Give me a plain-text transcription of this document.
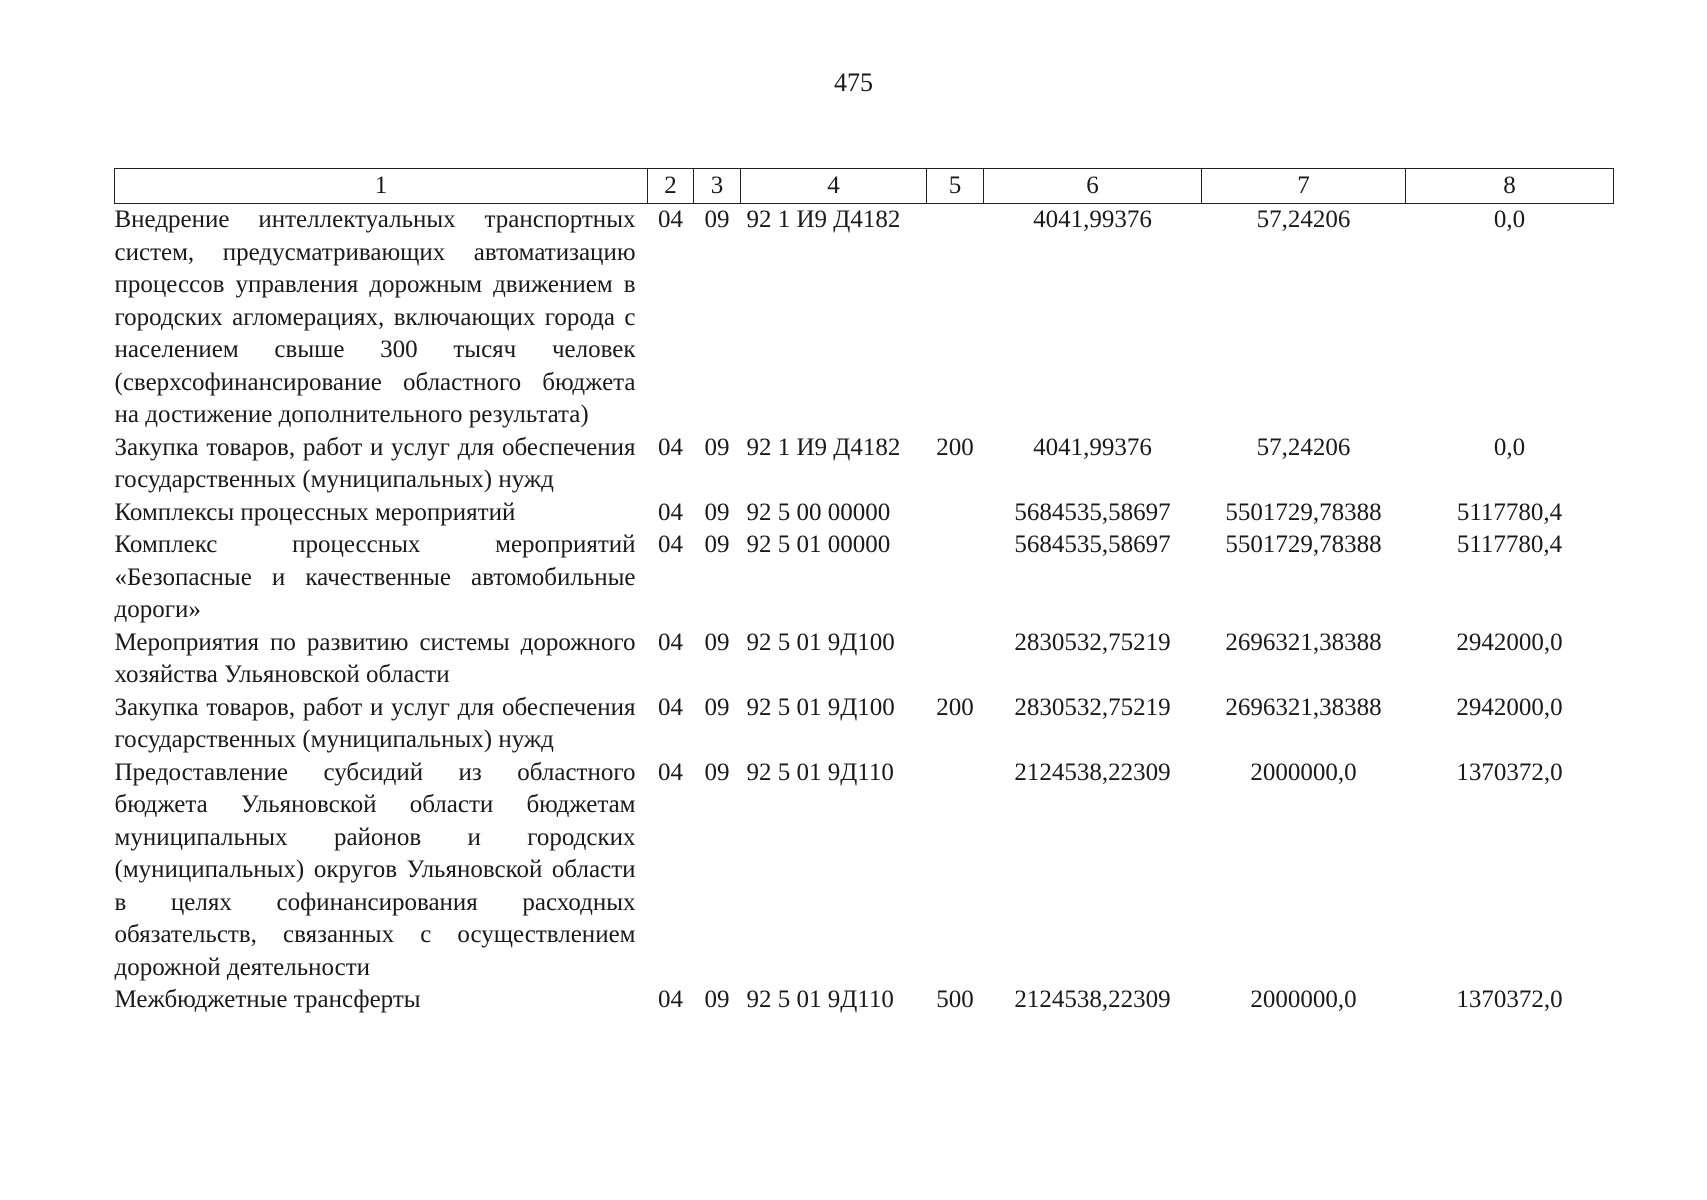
475
1	2	3	4	5	6	7	8
Внедрение интеллектуальных транспортных систем, предусматривающих автоматизацию процессов управления дорожным движением в городских агломерациях, включающих города с населением свыше 300 тысяч человек (сверхсофинансирование областного бюджета на достижение дополнительного результата)	04	09	92 1 И9 Д4182		4041,99376	57,24206	0,0
Закупка товаров, работ и услуг для обеспечения государственных (муниципальных) нужд	04	09	92 1 И9 Д4182	200	4041,99376	57,24206	0,0
Комплексы процессных мероприятий	04	09	92 5 00 00000		5684535,58697	5501729,78388	5117780,4
Комплекс процессных мероприятий «Безопасные и качественные автомобильные дороги»	04	09	92 5 01 00000		5684535,58697	5501729,78388	5117780,4
Мероприятия по развитию системы дорожного хозяйства Ульяновской области	04	09	92 5 01 9Д100		2830532,75219	2696321,38388	2942000,0
Закупка товаров, работ и услуг для обеспечения государственных (муниципальных) нужд	04	09	92 5 01 9Д100	200	2830532,75219	2696321,38388	2942000,0
Предоставление субсидий из областного бюджета Ульяновской области бюджетам муниципальных районов и городских (муниципальных) округов Ульяновской области в целях софинансирования расходных обязательств, связанных с осуществлением дорожной деятельности	04	09	92 5 01 9Д110		2124538,22309	2000000,0	1370372,0
Межбюджетные трансферты	04	09	92 5 01 9Д110	500	2124538,22309	2000000,0	1370372,0
